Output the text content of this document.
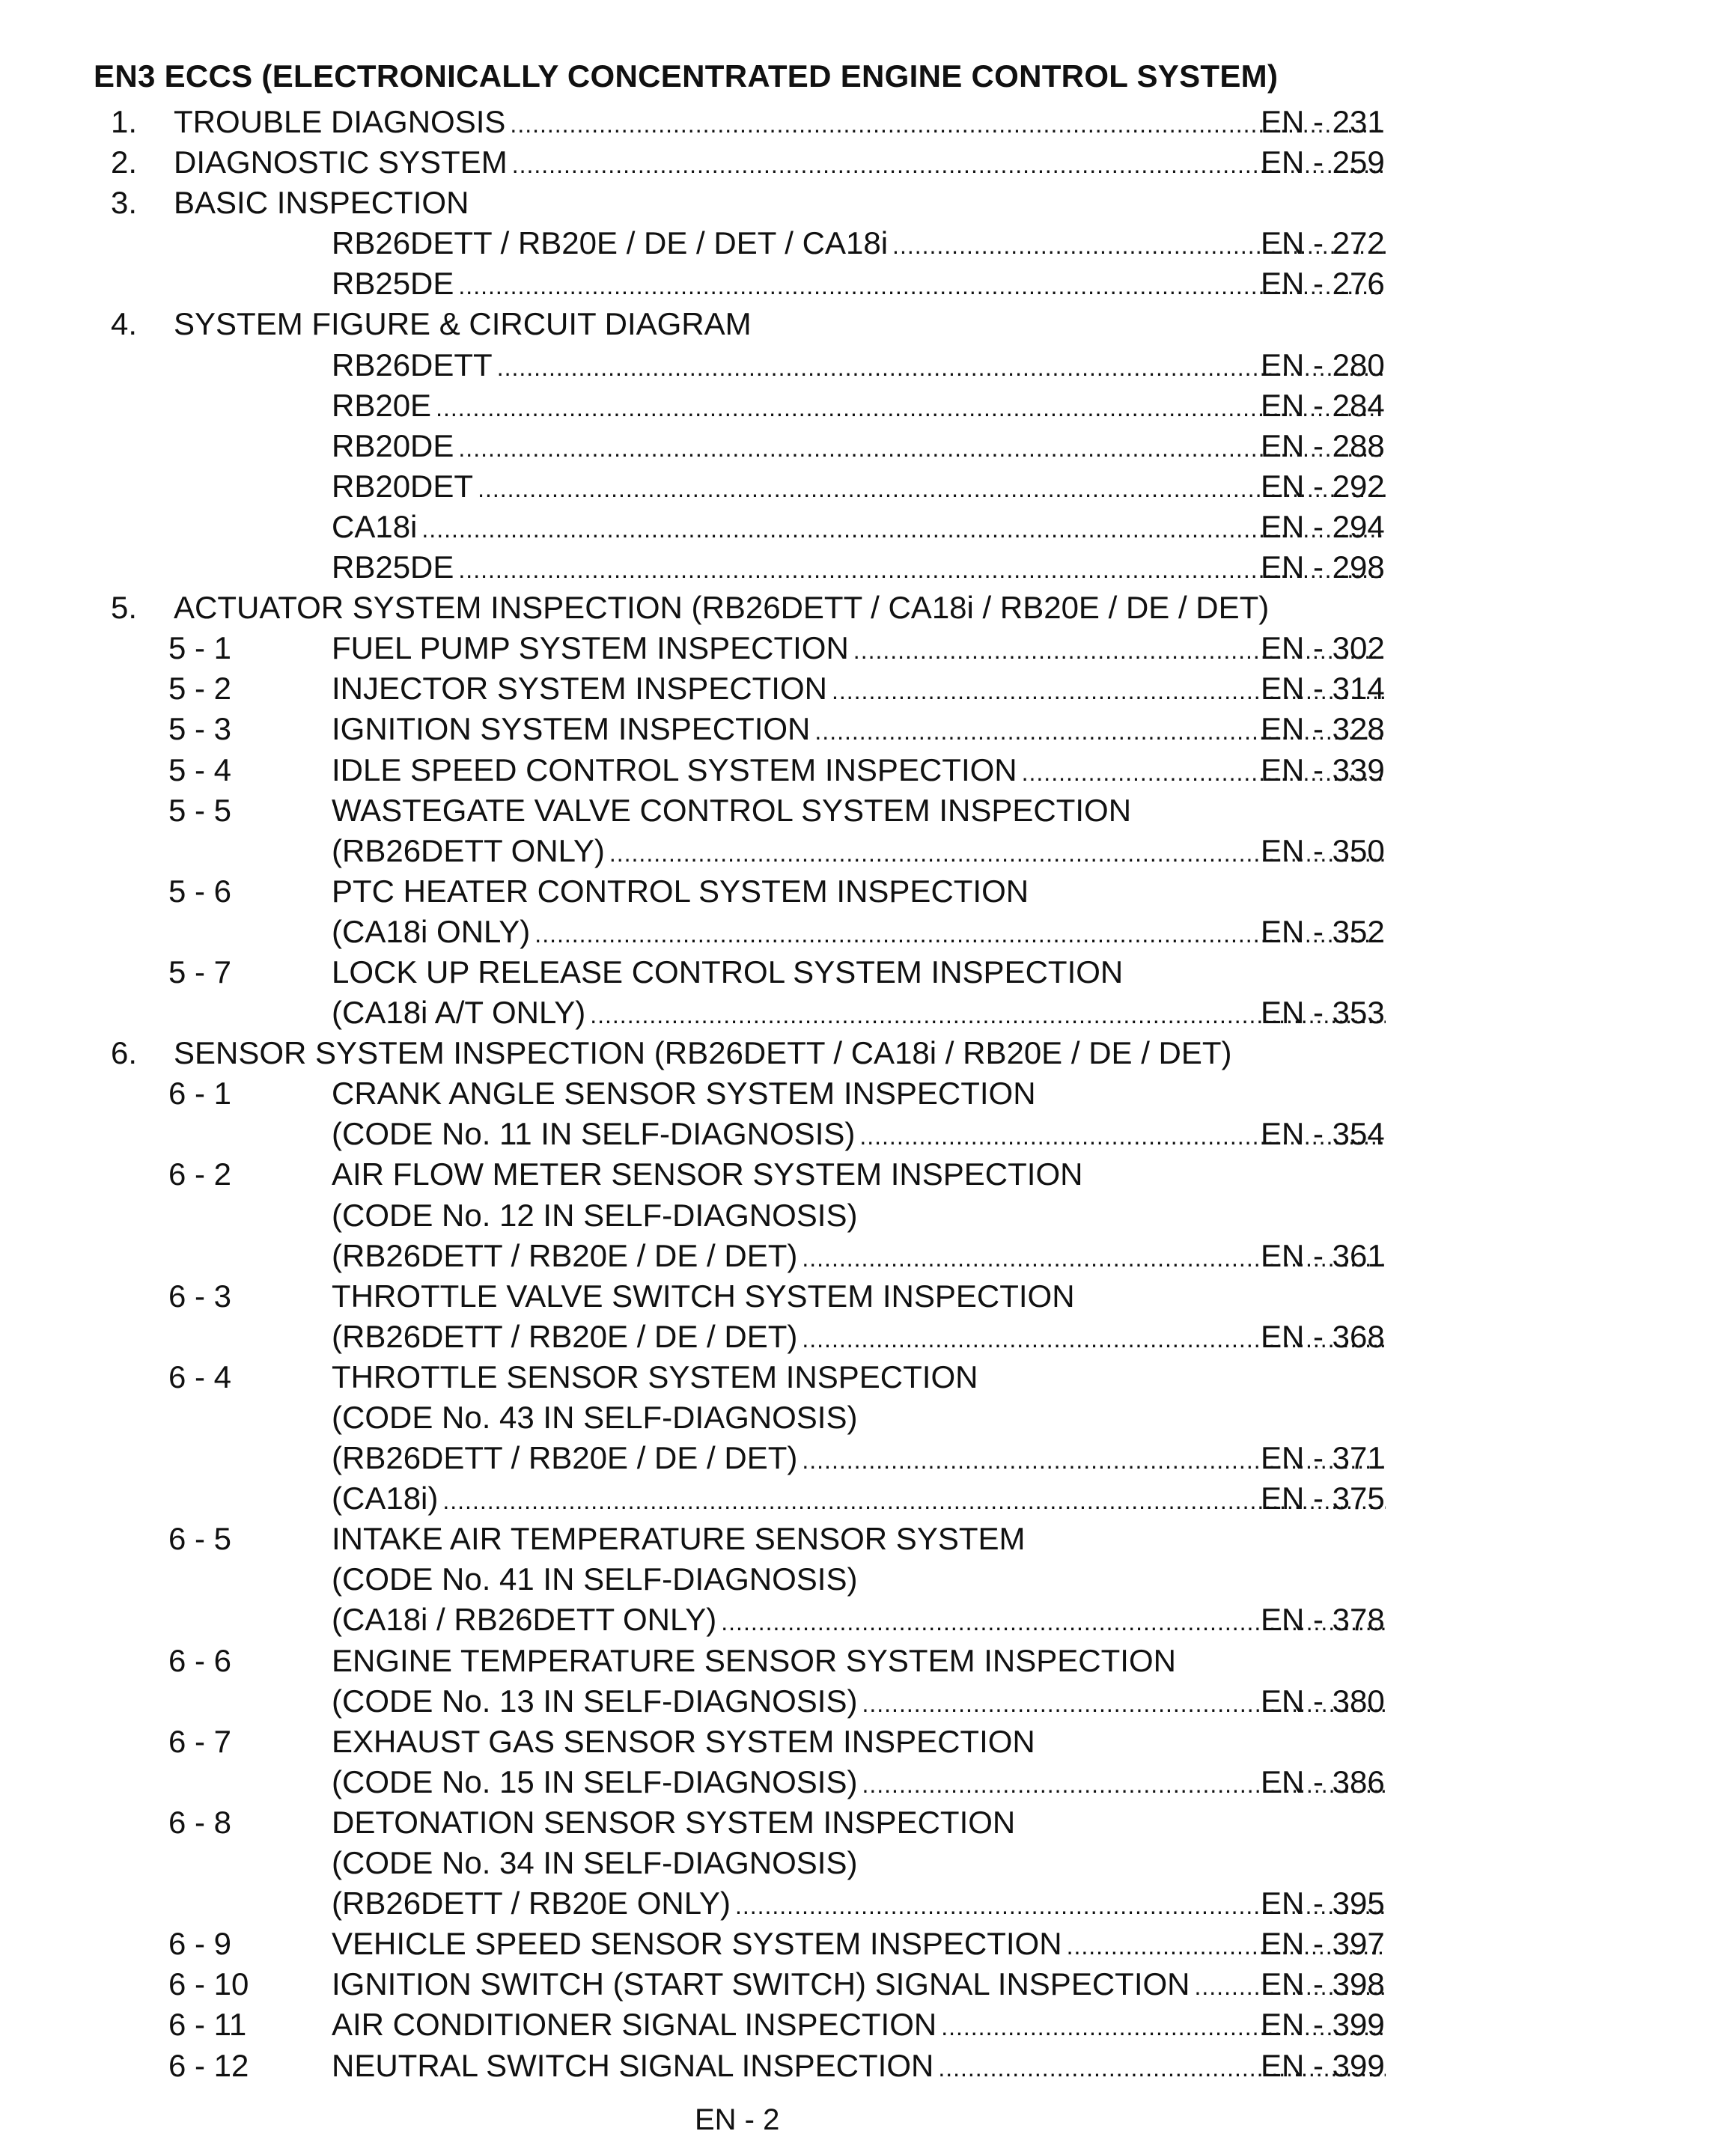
EN3 ECCS (ELECTRONICALLY CONCENTRATED ENGINE CONTROL SYSTEM)
1. TROUBLE DIAGNOSIS .....	EN - 231
2. DIAGNOSTIC SYSTEM .....	EN - 259
3. BASIC INSPECTION
RB26DETT / RB20E / DE / DET / CA18i .....	EN - 272
RB25DE .....	EN - 276
4. SYSTEM FIGURE & CIRCUIT DIAGRAM
RB26DETT .....	EN - 280
RB20E .....	EN - 284
RB20DE .....	EN - 288
RB20DET .....	EN - 292
CA18i .....	EN - 294
RB25DE .....	EN - 298
5. ACTUATOR SYSTEM INSPECTION (RB26DETT / CA18i / RB20E / DE / DET)
5 - 1	FUEL PUMP SYSTEM INSPECTION .....	EN - 302
5 - 2	INJECTOR SYSTEM INSPECTION .....	EN - 314
5 - 3	IGNITION SYSTEM INSPECTION .....	EN - 328
5 - 4	IDLE SPEED CONTROL SYSTEM INSPECTION .....	EN - 339
5 - 5	WASTEGATE VALVE CONTROL SYSTEM INSPECTION
(RB26DETT ONLY) .....	EN - 350
5 - 6	PTC HEATER CONTROL SYSTEM INSPECTION
(CA18i ONLY) .....	EN - 352
5 - 7	LOCK UP RELEASE CONTROL SYSTEM INSPECTION
(CA18i A/T ONLY) .....	EN - 353
6. SENSOR SYSTEM INSPECTION (RB26DETT / CA18i / RB20E / DE / DET)
6 - 1	CRANK ANGLE SENSOR SYSTEM INSPECTION
(CODE No. 11 IN SELF-DIAGNOSIS) .....	EN - 354
6 - 2	AIR FLOW METER SENSOR SYSTEM INSPECTION
(CODE No. 12 IN SELF-DIAGNOSIS)
(RB26DETT / RB20E / DE / DET) .....	EN - 361
6 - 3	THROTTLE VALVE SWITCH SYSTEM INSPECTION
(RB26DETT / RB20E / DE / DET) .....	EN - 368
6 - 4	THROTTLE SENSOR SYSTEM INSPECTION
(CODE No. 43 IN SELF-DIAGNOSIS)
(RB26DETT / RB20E / DE / DET) .....	EN - 371
(CA18i) .....	EN - 375
6 - 5	INTAKE AIR TEMPERATURE SENSOR SYSTEM
(CODE No. 41 IN SELF-DIAGNOSIS)
(CA18i / RB26DETT ONLY) .....	EN - 378
6 - 6	ENGINE TEMPERATURE SENSOR SYSTEM INSPECTION
(CODE No. 13 IN SELF-DIAGNOSIS) .....	EN - 380
6 - 7	EXHAUST GAS SENSOR SYSTEM INSPECTION
(CODE No. 15 IN SELF-DIAGNOSIS) .....	EN - 386
6 - 8	DETONATION SENSOR SYSTEM INSPECTION
(CODE No. 34 IN SELF-DIAGNOSIS)
(RB26DETT / RB20E ONLY) .....	EN - 395
6 - 9	VEHICLE SPEED SENSOR SYSTEM INSPECTION .....	EN - 397
6 - 10	IGNITION SWITCH (START SWITCH) SIGNAL INSPECTION ..... EN - 398
6 - 11	AIR CONDITIONER SIGNAL INSPECTION .....	EN - 399
6 - 12	NEUTRAL SWITCH SIGNAL INSPECTION .....	EN - 399
EN - 2
